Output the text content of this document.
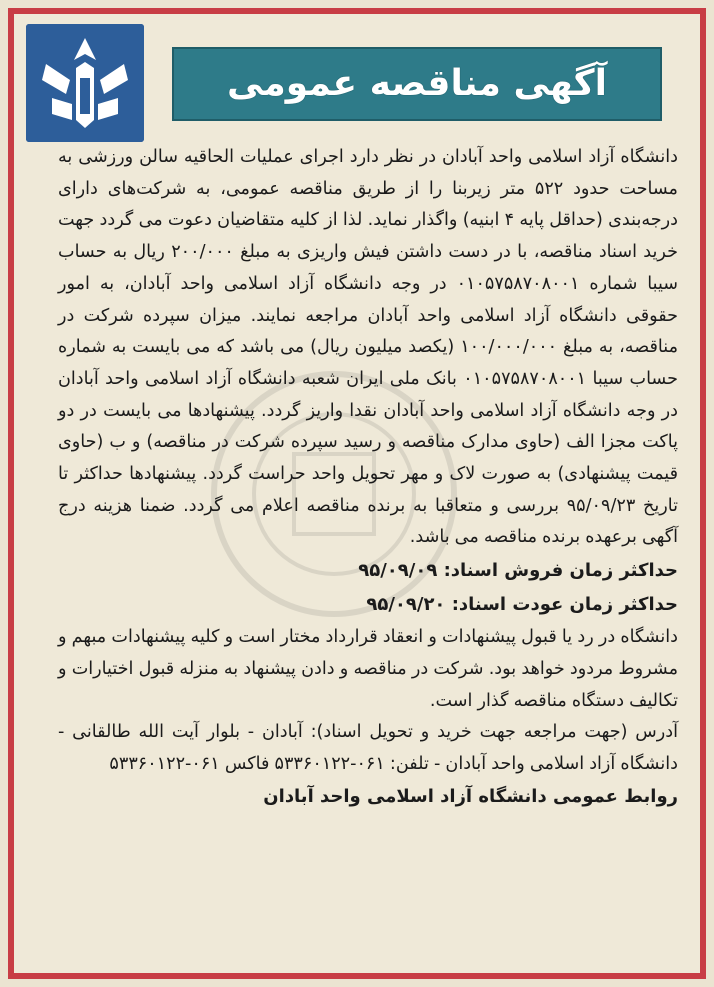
آگهی مناقصه عمومی

دانشگاه آزاد اسلامی واحد آبادان در نظر دارد اجرای عملیات الحاقیه سالن ورزشی به مساحت حدود ۵۲۲ متر زیربنا را از طریق مناقصه عمومی، به شرکت‌های دارای درجه‌بندی (حداقل پایه ۴ ابنیه) واگذار نماید. لذا از کلیه متقاضیان دعوت می گردد جهت خرید اسناد مناقصه، با در دست داشتن فیش واریزی به مبلغ ۲۰۰/۰۰۰ ریال به حساب سیبا شماره ۰۱۰۵۷۵۸۷۰۸۰۰۱ در وجه دانشگاه آزاد اسلامی واحد آبادان، به امور حقوقی دانشگاه آزاد اسلامی واحد آبادان مراجعه نمایند. میزان سپرده شرکت در مناقصه، به مبلغ ۱۰۰/۰۰۰/۰۰۰ (یکصد میلیون ریال) می باشد که می بایست به شماره حساب سیبا ۰۱۰۵۷۵۸۷۰۸۰۰۱ بانک ملی ایران شعبه دانشگاه آزاد اسلامی واحد آبادان در وجه دانشگاه آزاد اسلامی واحد آبادان نقدا واریز گردد. پیشنهادها می بایست در دو پاکت مجزا الف (حاوی مدارک مناقصه و رسید سپرده شرکت در مناقصه) و ب (حاوی قیمت پیشنهادی) به صورت لاک و مهر تحویل واحد حراست گردد. پیشنهادها حداکثر تا تاریخ ۹۵/۰۹/۲۳ بررسی و متعاقبا به برنده مناقصه اعلام می گردد. ضمنا هزینه درج آگهی برعهده برنده مناقصه می باشد.

حداکثر زمان فروش اسناد: ۹۵/۰۹/۰۹

حداکثر زمان عودت اسناد: ۹۵/۰۹/۲۰

دانشگاه در رد یا قبول پیشنهادات و انعقاد قرارداد مختار است و کلیه پیشنهادات مبهم و مشروط مردود خواهد بود. شرکت در مناقصه و دادن پیشنهاد به منزله قبول اختیارات و تکالیف دستگاه مناقصه گذار است.

آدرس (جهت مراجعه جهت خرید و تحویل اسناد): آبادان - بلوار آیت الله طالقانی - دانشگاه آزاد اسلامی واحد آبادان - تلفن: ۰۶۱-۵۳۳۶۰۱۲۲ فاکس ۰۶۱-۵۳۳۶۰۱۲۲

روابط عمومی دانشگاه آزاد اسلامی واحد آبادان
